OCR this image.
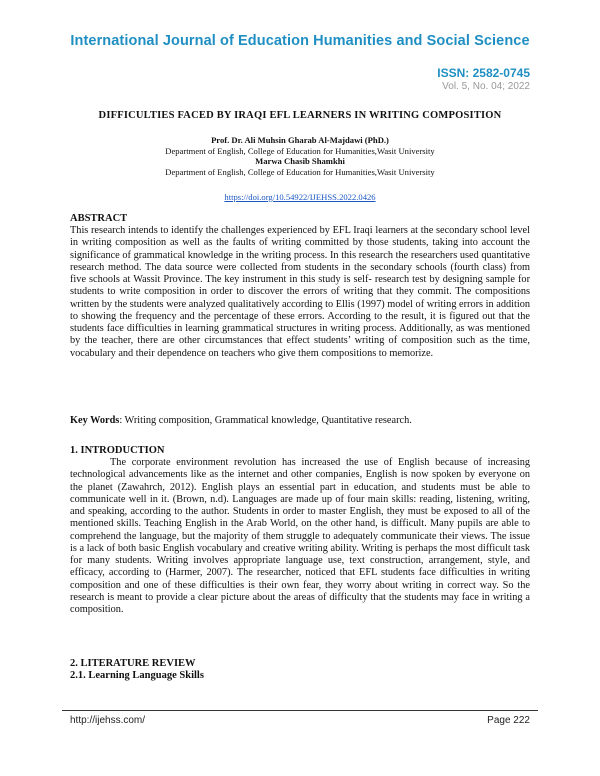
International Journal of Education Humanities and Social Science
ISSN: 2582-0745
Vol. 5, No. 04; 2022
DIFFICULTIES FACED BY IRAQI EFL LEARNERS IN WRITING COMPOSITION
Prof. Dr. Ali Muhsin Gharab Al-Majdawi (PhD.)
Department of English, College of Education for Humanities,Wasit University
Marwa Chasib Shamkhi
Department of English, College of Education for Humanities,Wasit University
https://doi.org/10.54922/IJEHSS.2022.0426
ABSTRACT
This research intends to identify the challenges experienced by EFL Iraqi learners at the secondary school level in writing composition as well as the faults of writing committed by those students, taking into account the significance of grammatical knowledge in the writing process. In this research the researchers used quantitative research method. The data source were collected from students in the secondary schools (fourth class) from five schools at Wassit Province. The key instrument in this study is self- research test by designing sample for students to write composition in order to discover the errors of writing that they commit. The compositions written by the students were analyzed qualitatively according to Ellis (1997) model of writing errors in addition to showing the frequency and the percentage of these errors. According to the result, it is figured out that the students face difficulties in learning grammatical structures in writing process. Additionally, as was mentioned by the teacher, there are other circumstances that effect students’ writing of composition such as the time, vocabulary and their dependence on teachers who give them compositions to memorize.
Key Words: Writing composition, Grammatical knowledge, Quantitative research.
1. INTRODUCTION
The corporate environment revolution has increased the use of English because of increasing technological advancements like as the internet and other companies, English is now spoken by everyone on the planet (Zawahrch, 2012). English plays an essential part in education, and students must be able to communicate well in it. (Brown, n.d). Languages are made up of four main skills: reading, listening, writing, and speaking, according to the author. Students in order to master English, they must be exposed to all of the mentioned skills. Teaching English in the Arab World, on the other hand, is difficult. Many pupils are able to comprehend the language, but the majority of them struggle to adequately communicate their views. The issue is a lack of both basic English vocabulary and creative writing ability. Writing is perhaps the most difficult task for many students. Writing involves appropriate language use, text construction, arrangement, style, and efficacy, according to (Harmer, 2007). The researcher, noticed that EFL students face difficulties in writing composition and one of these difficulties is their own fear, they worry about writing in correct way. So the research is meant to provide a clear picture about the areas of difficulty that the students may face in writing a composition.
2. LITERATURE REVIEW
2.1. Learning Language Skills
http://ijehss.com/	Page 222
